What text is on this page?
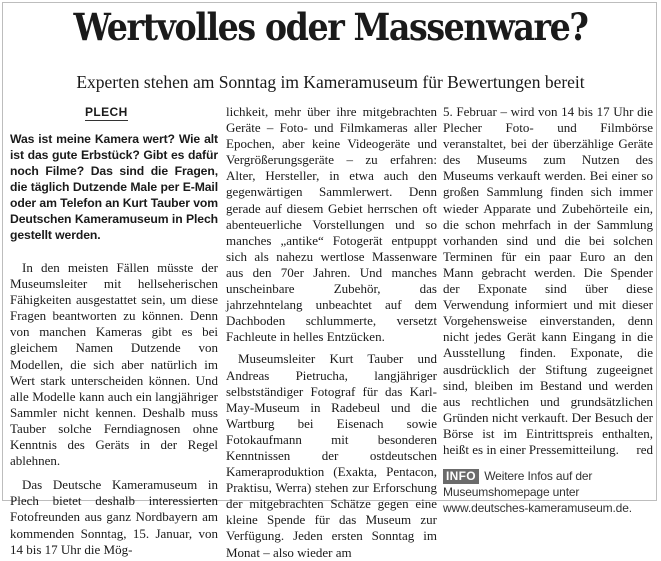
Wertvolles oder Massenware?
Experten stehen am Sonntag im Kameramuseum für Bewertungen bereit
PLECH

Was ist meine Kamera wert? Wie alt ist das gute Erbstück? Gibt es dafür noch Filme? Das sind die Fragen, die täglich Dutzende Male per E-Mail oder am Telefon an Kurt Tauber vom Deutschen Kameramuseum in Plech gestellt werden.

In den meisten Fällen müsste der Museumsleiter mit hellseherischen Fähigkeiten ausgestattet sein, um diese Fragen beantworten zu können. Denn von manchen Kameras gibt es bei gleichem Namen Dutzende von Modellen, die sich aber natürlich im Wert stark unterscheiden können. Und alle Modelle kann auch ein langjähriger Sammler nicht kennen. Deshalb muss Tauber solche Ferndiagnosen ohne Kenntnis des Geräts in der Regel ablehnen.

Das Deutsche Kameramuseum in Plech bietet deshalb interessierten Fotofreunden aus ganz Nordbayern am kommenden Sonntag, 15. Januar, von 14 bis 17 Uhr die Mög-

lichkeit, mehr über ihre mitgebrachten Geräte – Foto- und Filmkameras aller Epochen, aber keine Videogeräte und Vergrößerungsgeräte – zu erfahren: Alter, Hersteller, in etwa auch den gegenwärtigen Sammlerwert. Denn gerade auf diesem Gebiet herrschen oft abenteuerliche Vorstellungen und so manches „antike“ Fotogerät entpuppt sich als nahezu wertlose Massenware aus den 70er Jahren. Und manches unscheinbare Zubehör, das jahrzehntelang unbeachtet auf dem Dachboden schlummerte, versetzt Fachleute in helles Entzücken.

Museumsleiter Kurt Tauber und Andreas Pietrucha, langjähriger selbstständiger Fotograf für das Karl-May-Museum in Radebeul und die Wartburg bei Eisenach sowie Fotokaufmann mit besonderen Kenntnissen der ostdeutschen Kameraproduktion (Exakta, Pentacon, Praktisu, Werra) stehen zur Erforschung der mitgebrachten Schätze gegen eine kleine Spende für das Museum zur Verfügung. Jeden ersten Sonntag im Monat – also wieder am

5. Februar – wird von 14 bis 17 Uhr die Plecher Foto- und Filmbörse veranstaltet, bei der überzählige Geräte des Museums zum Nutzen des Museums verkauft werden. Bei einer so großen Sammlung finden sich immer wieder Apparate und Zubehörteile ein, die schon mehrfach in der Sammlung vorhanden sind und die bei solchen Terminen für ein paar Euro an den Mann gebracht werden. Die Spender der Exponate sind über diese Verwendung informiert und mit dieser Vorgehensweise einverstanden, denn nicht jedes Gerät kann Eingang in die Ausstellung finden. Exponate, die ausdrücklich der Stiftung zugeeignet sind, bleiben im Bestand und werden aus rechtlichen und grundsätzlichen Gründen nicht verkauft. Der Besuch der Börse ist im Eintrittspreis enthalten, heißt es in einer Pressemitteilung. red

INFO Weitere Infos auf der Museumshomepage unter www.deutsches-kameramuseum.de.
